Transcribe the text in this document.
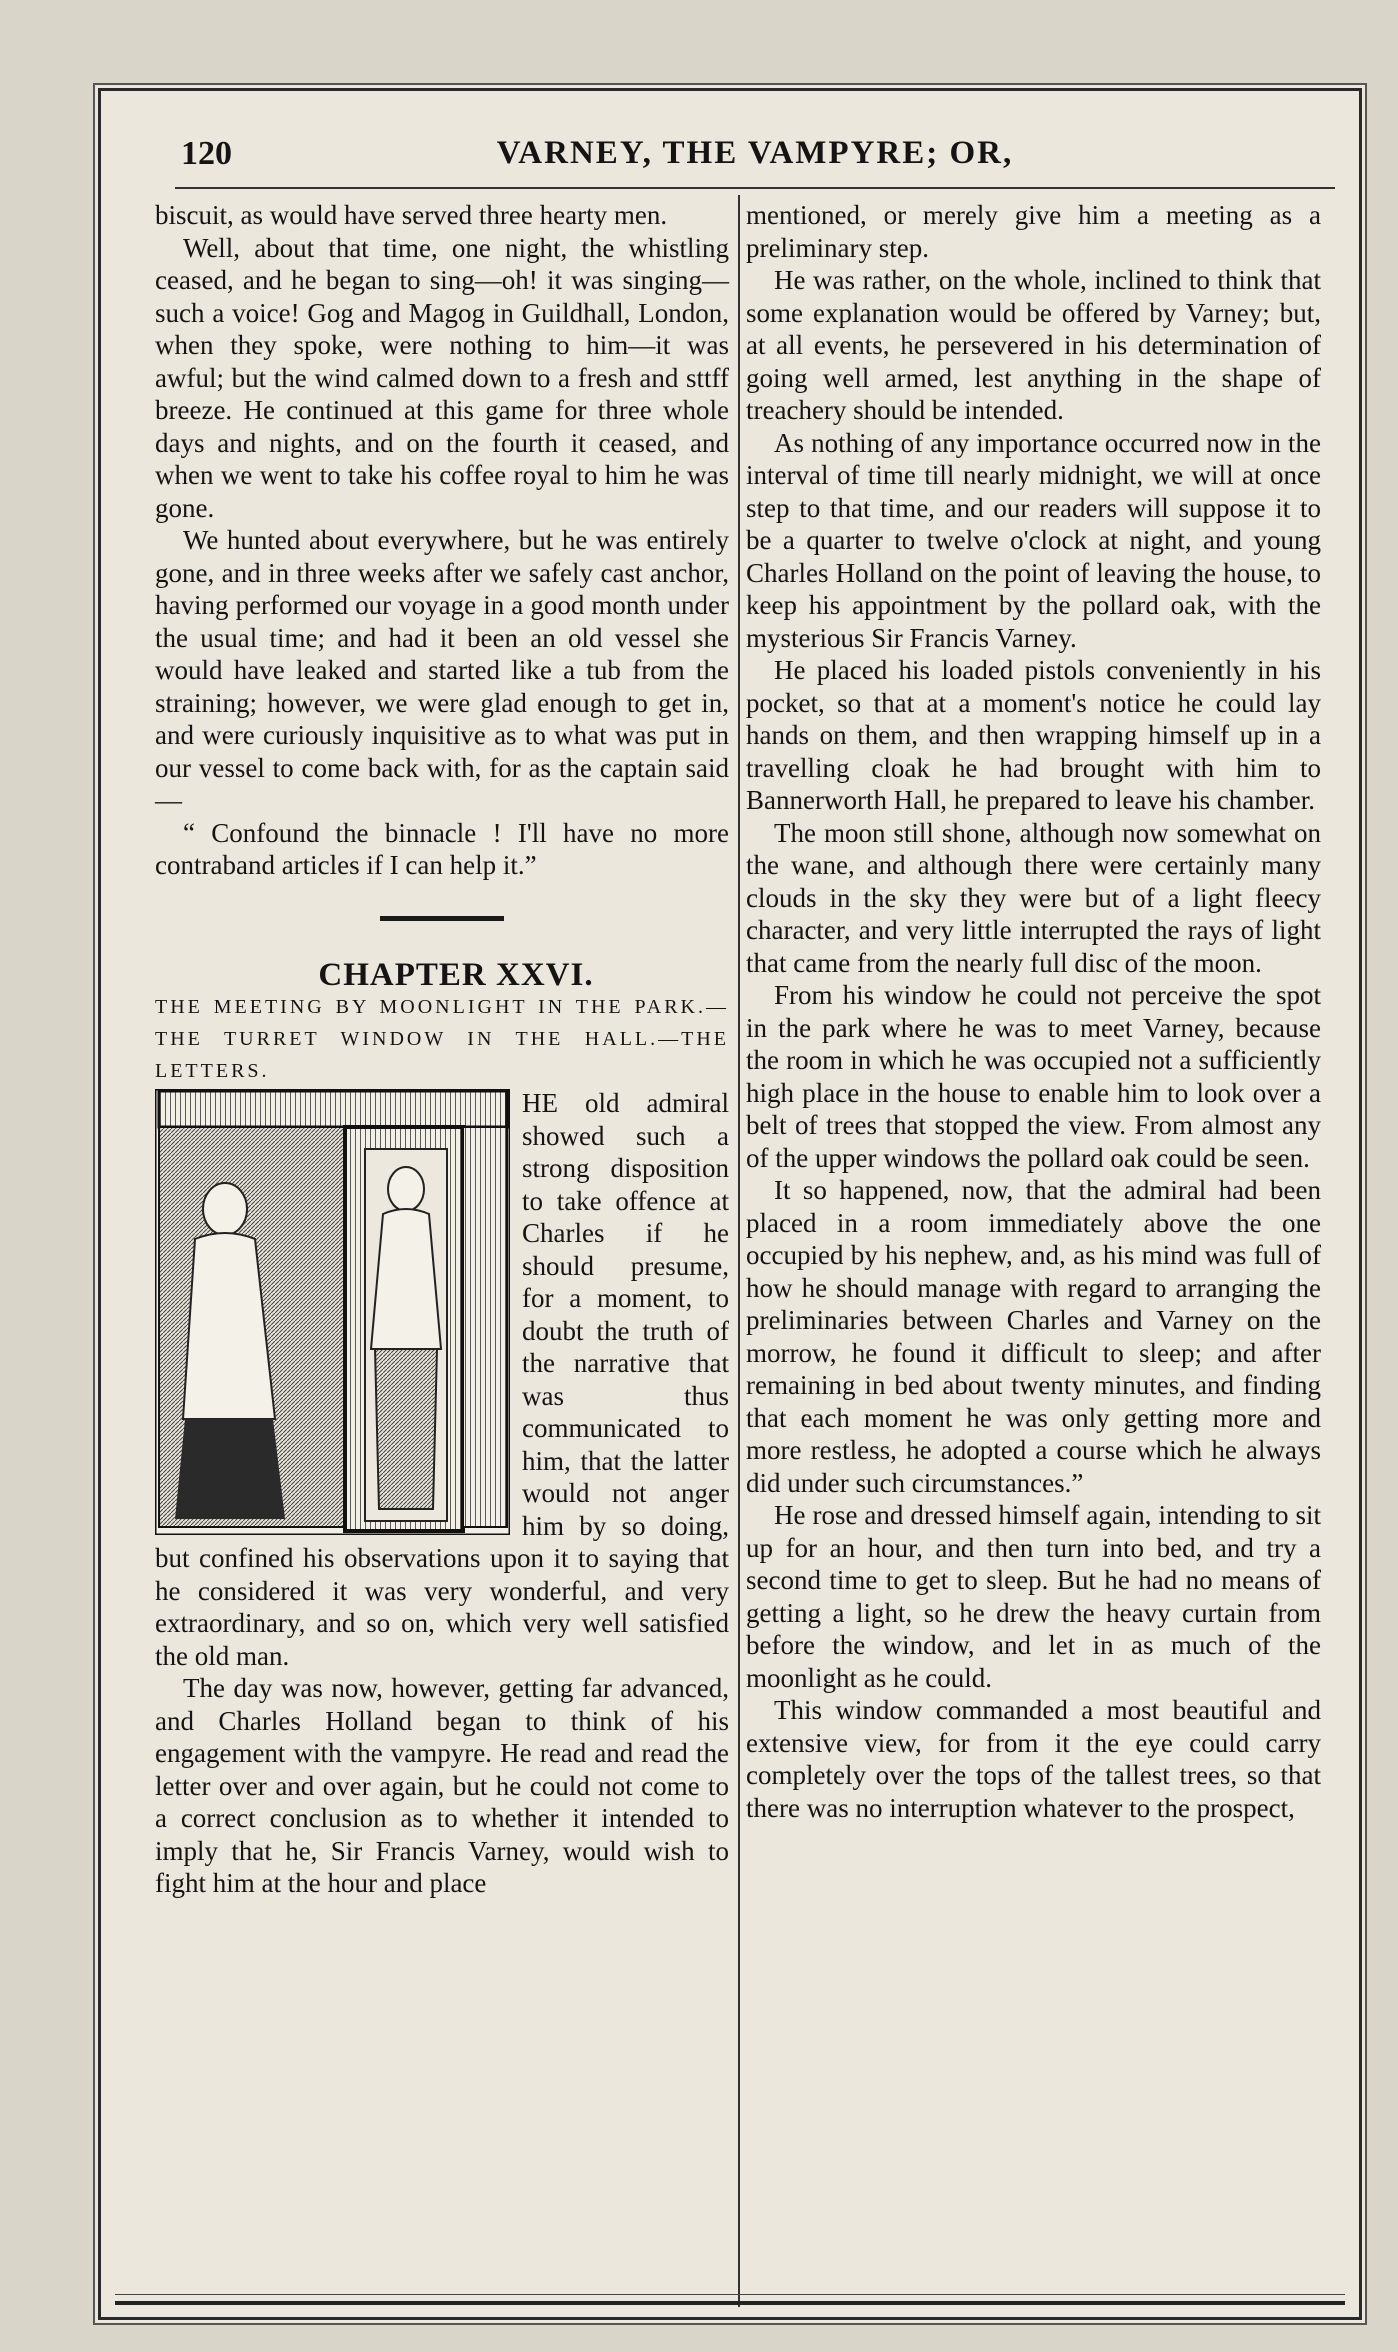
120	VARNEY, THE VAMPYRE; OR,

biscuit, as would have served three hearty men.

Well, about that time, one night, the whistling ceased, and he began to sing—oh! it was singing—such a voice! Gog and Magog in Guildhall, London, when they spoke, were nothing to him—it was awful; but the wind calmed down to a fresh and sttff breeze. He continued at this game for three whole days and nights, and on the fourth it ceased, and when we went to take his coffee royal to him he was gone.

We hunted about everywhere, but he was entirely gone, and in three weeks after we safely cast anchor, having performed our voyage in a good month under the usual time; and had it been an old vessel she would have leaked and started like a tub from the straining; however, we were glad enough to get in, and were curiously inquisitive as to what was put in our vessel to come back with, for as the captain said—

“ Confound the binnacle ! I'll have no more contraband articles if I can help it.”

CHAPTER XXVI.

THE MEETING BY MOONLIGHT IN THE PARK.—THE TURRET WINDOW IN THE HALL.—THE LETTERS.

HE old admiral showed such a strong disposition to take offence at Charles if he should presume, for a moment, to doubt the truth of the narrative that was thus communicated to him, that the latter would not anger him by so doing, but confined his observations upon it to saying that he considered it was very wonderful, and very extraordinary, and so on, which very well satisfied the old man.

The day was now, however, getting far advanced, and Charles Holland began to think of his engagement with the vampyre. He read and read the letter over and over again, but he could not come to a correct conclusion as to whether it intended to imply that he, Sir Francis Varney, would wish to fight him at the hour and place

mentioned, or merely give him a meeting as a preliminary step.

He was rather, on the whole, inclined to think that some explanation would be offered by Varney; but, at all events, he persevered in his determination of going well armed, lest anything in the shape of treachery should be intended.

As nothing of any importance occurred now in the interval of time till nearly midnight, we will at once step to that time, and our readers will suppose it to be a quarter to twelve o'clock at night, and young Charles Holland on the point of leaving the house, to keep his appointment by the pollard oak, with the mysterious Sir Francis Varney.

He placed his loaded pistols conveniently in his pocket, so that at a moment's notice he could lay hands on them, and then wrapping himself up in a travelling cloak he had brought with him to Bannerworth Hall, he prepared to leave his chamber.

The moon still shone, although now somewhat on the wane, and although there were certainly many clouds in the sky they were but of a light fleecy character, and very little interrupted the rays of light that came from the nearly full disc of the moon.

From his window he could not perceive the spot in the park where he was to meet Varney, because the room in which he was occupied not a sufficiently high place in the house to enable him to look over a belt of trees that stopped the view. From almost any of the upper windows the pollard oak could be seen.

It so happened, now, that the admiral had been placed in a room immediately above the one occupied by his nephew, and, as his mind was full of how he should manage with regard to arranging the preliminaries between Charles and Varney on the morrow, he found it difficult to sleep; and after remaining in bed about twenty minutes, and finding that each moment he was only getting more and more restless, he adopted a course which he always did under such circumstances.”

He rose and dressed himself again, intending to sit up for an hour, and then turn into bed, and try a second time to get to sleep. But he had no means of getting a light, so he drew the heavy curtain from before the window, and let in as much of the moonlight as he could.

This window commanded a most beautiful and extensive view, for from it the eye could carry completely over the tops of the tallest trees, so that there was no interruption whatever to the prospect,
